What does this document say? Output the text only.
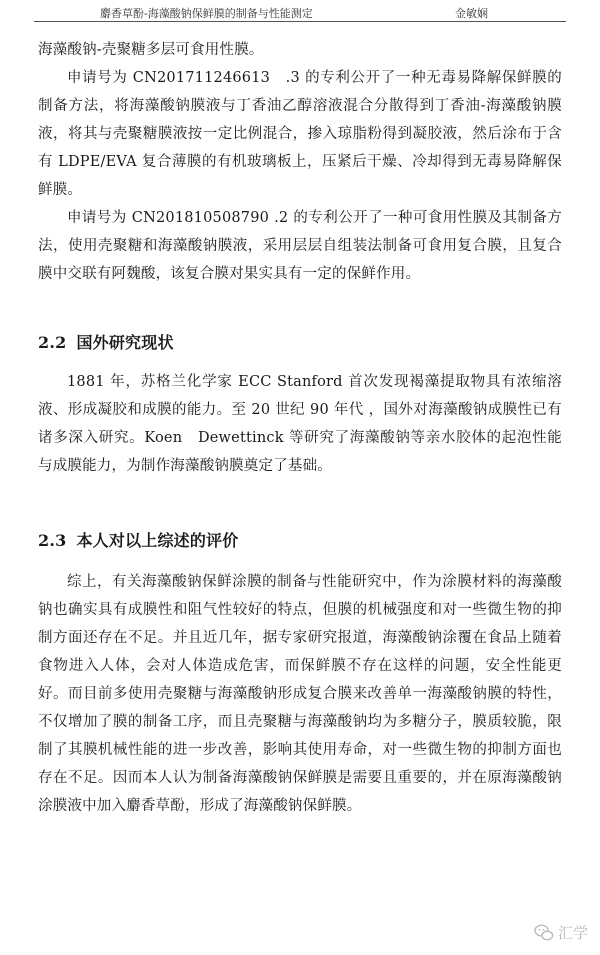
麝香草酚-海藻酸钠保鲜膜的制备与性能测定	金敏娴

海藻酸钠-壳聚糖多层可食用性膜。

申请号为 CN201711246613　.3 的专利公开了一种无毒易降解保鲜膜的制备方法，将海藻酸钠膜液与丁香油乙醇溶液混合分散得到丁香油-海藻酸钠膜液，将其与壳聚糖膜液按一定比例混合，掺入琼脂粉得到凝胶液，然后涂布于含有 LDPE/EVA 复合薄膜的有机玻璃板上，压紧后干燥、冷却得到无毒易降解保鲜膜。

申请号为 CN201810508790 .2 的专利公开了一种可食用性膜及其制备方法，使用壳聚糖和海藻酸钠膜液，采用层层自组装法制备可食用复合膜，且复合膜中交联有阿魏酸，该复合膜对果实具有一定的保鲜作用。

2.2 国外研究现状

1881 年，苏格兰化学家 ECC Stanford 首次发现褐藻提取物具有浓缩溶液、形成凝胶和成膜的能力。至 20 世纪 90 年代 ，国外对海藻酸钠成膜性已有诸多深入研究。Koen　Dewettinck 等研究了海藻酸钠等亲水胶体的起泡性能与成膜能力，为制作海藻酸钠膜奠定了基础。

2.3 本人对以上综述的评价

综上，有关海藻酸钠保鲜涂膜的制备与性能研究中，作为涂膜材料的海藻酸钠也确实具有成膜性和阻气性较好的特点，但膜的机械强度和对一些微生物的抑制方面还存在不足。并且近几年，据专家研究报道，海藻酸钠涂覆在食品上随着食物进入人体，会对人体造成危害，而保鲜膜不存在这样的问题，安全性能更好。而目前多使用壳聚糖与海藻酸钠形成复合膜来改善单一海藻酸钠膜的特性，不仅增加了膜的制备工序，而且壳聚糖与海藻酸钠均为多糖分子，膜质较脆，限制了其膜机械性能的进一步改善，影响其使用寿命，对一些微生物的抑制方面也存在不足。因而本人认为制备海藻酸钠保鲜膜是需要且重要的，并在原海藻酸钠涂膜液中加入麝香草酚，形成了海藻酸钠保鲜膜。

汇学
